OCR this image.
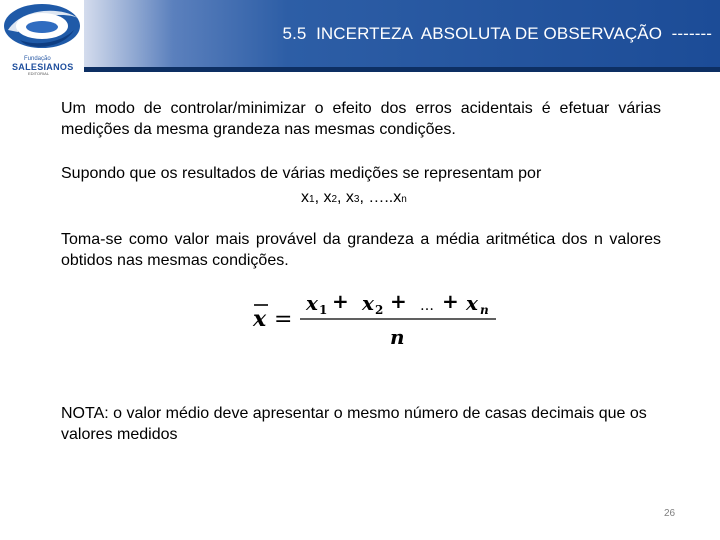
5.5  INCERTEZA  ABSOLUTA DE OBSERVAÇÃO  -------
Fundação
SALESIANOS
EDITORIAL

Um modo de controlar/minimizar o efeito dos erros acidentais é efetuar várias medições da mesma grandeza nas mesmas condições.

Supondo que os resultados de várias medições se representam por

x1, x2, x3, …..xn

Toma-se como valor mais provável da grandeza a média aritmética dos n valores obtidos nas mesmas condições.

x =
x 1 + x 2 + … + x n
n

NOTA: o valor médio deve apresentar o mesmo número de casas decimais que os valores medidos

26
